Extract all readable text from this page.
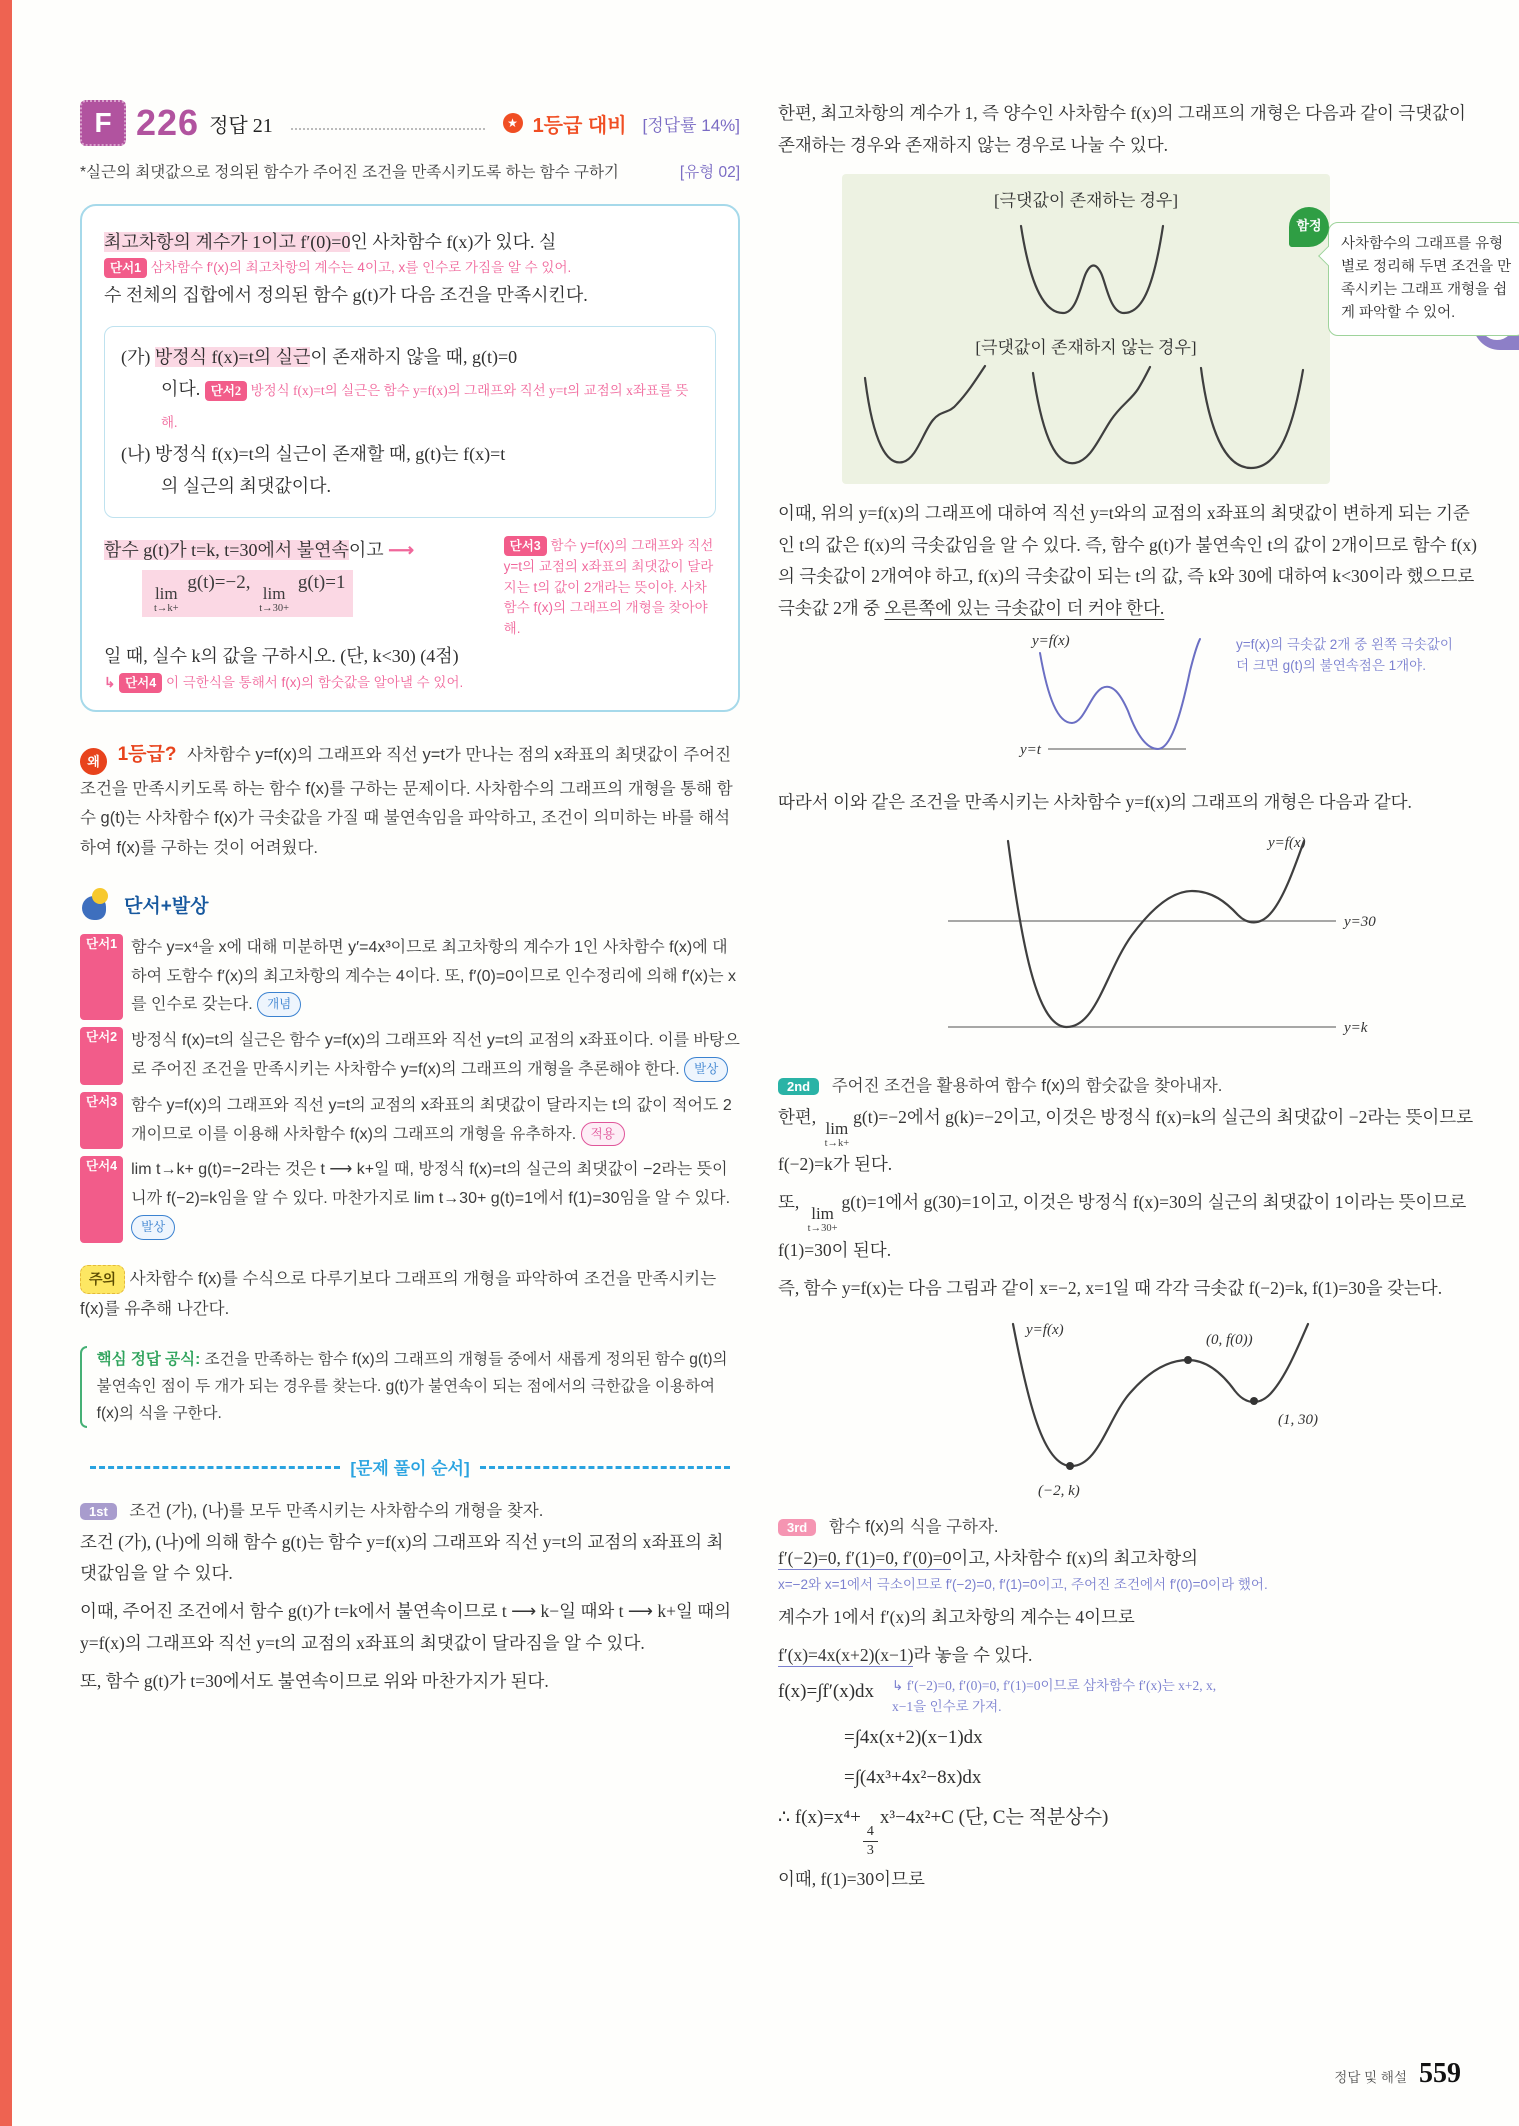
F 226 정답 21	★ 1등급 대비 [정답률 14%]
*실근의 최댓값으로 정의된 함수가 주어진 조건을 만족시키도록 하는 함수 구하기	[유형 02]

최고차항의 계수가 1이고 f′(0)=0인 사차함수 f(x)가 있다. 실

단서1 삼차함수 f′(x)의 최고차항의 계수는 4이고, x를 인수로 가짐을 알 수 있어.

수 전체의 집합에서 정의된 함수 g(t)가 다음 조건을 만족시킨다.

(가) 방정식 f(x)=t의 실근이 존재하지 않을 때, g(t)=0

이다. 단서2 방정식 f(x)=t의 실근은 함수 y=f(x)의 그래프와 직선 y=t의 교점의 x좌표를 뜻해.

(나) 방정식 f(x)=t의 실근이 존재할 때, g(t)는 f(x)=t

의 실근의 최댓값이다.

함수 g(t)가 t=k, t=30에서 불연속이고 ⟶

lim
t→k+
g(t)=−2,
lim
t→30+
g(t)=1

단서3 함수 y=f(x)의 그래프와 직선 y=t의 교점의 x좌표의 최댓값이 달라지는 t의 값이 2개라는 뜻이야. 사차함수 f(x)의 그래프의 개형을 찾아야 해.

일 때, 실수 k의 값을 구하시오. (단, k<30) (4점)

↳ 단서4 이 극한식을 통해서 f(x)의 함숫값을 알아낼 수 있어.

왜 1등급? 사차함수 y=f(x)의 그래프와 직선 y=t가 만나는 점의 x좌표의 최댓값이 주어진 조건을 만족시키도록 하는 함수 f(x)를 구하는 문제이다. 사차함수의 그래프의 개형을 통해 함수 g(t)는 사차함수 f(x)가 극솟값을 가질 때 불연속임을 파악하고, 조건이 의미하는 바를 해석하여 f(x)를 구하는 것이 어려웠다.

단서+발상
단서1 함수 y=x⁴을 x에 대해 미분하면 y′=4x³이므로 최고차항의 계수가 1인 사차함수 f(x)에 대하여 도함수 f′(x)의 최고차항의 계수는 4이다. 또, f′(0)=0이므로 인수정리에 의해 f′(x)는 x를 인수로 갖는다. 개념
단서2 방정식 f(x)=t의 실근은 함수 y=f(x)의 그래프와 직선 y=t의 교점의 x좌표이다. 이를 바탕으로 주어진 조건을 만족시키는 사차함수 y=f(x)의 그래프의 개형을 추론해야 한다. 발상
단서3 함수 y=f(x)의 그래프와 직선 y=t의 교점의 x좌표의 최댓값이 달라지는 t의 값이 적어도 2개이므로 이를 이용해 사차함수 f(x)의 그래프의 개형을 유추하자. 적용
단서4 lim t→k+ g(t)=−2라는 것은 t ⟶ k+일 때, 방정식 f(x)=t의 실근의 최댓값이 −2라는 뜻이니까 f(−2)=k임을 알 수 있다. 마찬가지로 lim t→30+ g(t)=1에서 f(1)=30임을 알 수 있다. 발상

주의 사차함수 f(x)를 수식으로 다루기보다 그래프의 개형을 파악하여 조건을 만족시키는 f(x)를 유추해 나간다.

핵심 정답 공식: 조건을 만족하는 함수 f(x)의 그래프의 개형들 중에서 새롭게 정의된 함수 g(t)의 불연속인 점이 두 개가 되는 경우를 찾는다. g(t)가 불연속이 되는 점에서의 극한값을 이용하여 f(x)의 식을 구한다.

[문제 풀이 순서]

1st 조건 (가), (나)를 모두 만족시키는 사차함수의 개형을 찾자.

조건 (가), (나)에 의해 함수 g(t)는 함수 y=f(x)의 그래프와 직선 y=t의 교점의 x좌표의 최댓값임을 알 수 있다.

이때, 주어진 조건에서 함수 g(t)가 t=k에서 불연속이므로 t ⟶ k−일 때와 t ⟶ k+일 때의 y=f(x)의 그래프와 직선 y=t의 교점의 x좌표의 최댓값이 달라짐을 알 수 있다.

또, 함수 g(t)가 t=30에서도 불연속이므로 위와 마찬가지가 된다.

한편, 최고차항의 계수가 1, 즉 양수인 사차함수 f(x)의 그래프의 개형은 다음과 같이 극댓값이 존재하는 경우와 존재하지 않는 경우로 나눌 수 있다.

[극댓값이 존재하는 경우]

[극댓값이 존재하지 않는 경우]

함정
사차함수의 그래프를 유형별로 정리해 두면 조건을 만족시키는 그래프 개형을 쉽게 파악할 수 있어.

이때, 위의 y=f(x)의 그래프에 대하여 직선 y=t와의 교점의 x좌표의 최댓값이 변하게 되는 기준인 t의 값은 f(x)의 극솟값임을 알 수 있다. 즉, 함수 g(t)가 불연속인 t의 값이 2개이므로 함수 f(x)의 극솟값이 2개여야 하고, f(x)의 극솟값이 되는 t의 값, 즉 k와 30에 대하여 k<30이라 했으므로 극솟값 2개 중 오른쪽에 있는 극솟값이 더 커야 한다.

y=f(x)
y=t

y=f(x)의 극솟값 2개 중 왼쪽 극솟값이 더 크면 g(t)의 불연속점은 1개야.

따라서 이와 같은 조건을 만족시키는 사차함수 y=f(x)의 그래프의 개형은 다음과 같다.

y=f(x)
y=30
y=k

2nd 주어진 조건을 활용하여 함수 f(x)의 함숫값을 찾아내자.

한편,
lim
t→k+
g(t)=−2에서 g(k)=−2이고, 이것은 방정식 f(x)=k의 실근의 최댓값이 −2라는 뜻이므로 f(−2)=k가 된다.

또,
lim
t→30+
g(t)=1에서 g(30)=1이고, 이것은 방정식 f(x)=30의 실근의 최댓값이 1이라는 뜻이므로 f(1)=30이 된다.

즉, 함수 y=f(x)는 다음 그림과 같이 x=−2, x=1일 때 각각 극솟값 f(−2)=k, f(1)=30을 갖는다.

y=f(x)
(0, f(0))
(1, 30)
(−2, k)

3rd 함수 f(x)의 식을 구하자.

f′(−2)=0, f′(1)=0, f′(0)=0이고, 사차함수 f(x)의 최고차항의

x=−2와 x=1에서 극소이므로 f′(−2)=0, f′(1)=0이고, 주어진 조건에서 f′(0)=0이라 했어.

계수가 1에서 f′(x)의 최고차항의 계수는 4이므로

f′(x)=4x(x+2)(x−1)라 놓을 수 있다.

f(x)=∫f′(x)dx ↳ f′(−2)=0, f′(0)=0, f′(1)=0이므로 삼차함수 f′(x)는 x+2, x, x−1을 인수로 가져.

=∫4x(x+2)(x−1)dx

=∫(4x³+4x²−8x)dx

∴ f(x)=x⁴+
$\frac{4}{3}$
x³−4x²+C (단, C는 적분상수)

이때, f(1)=30이므로

정답 및 해설 559
